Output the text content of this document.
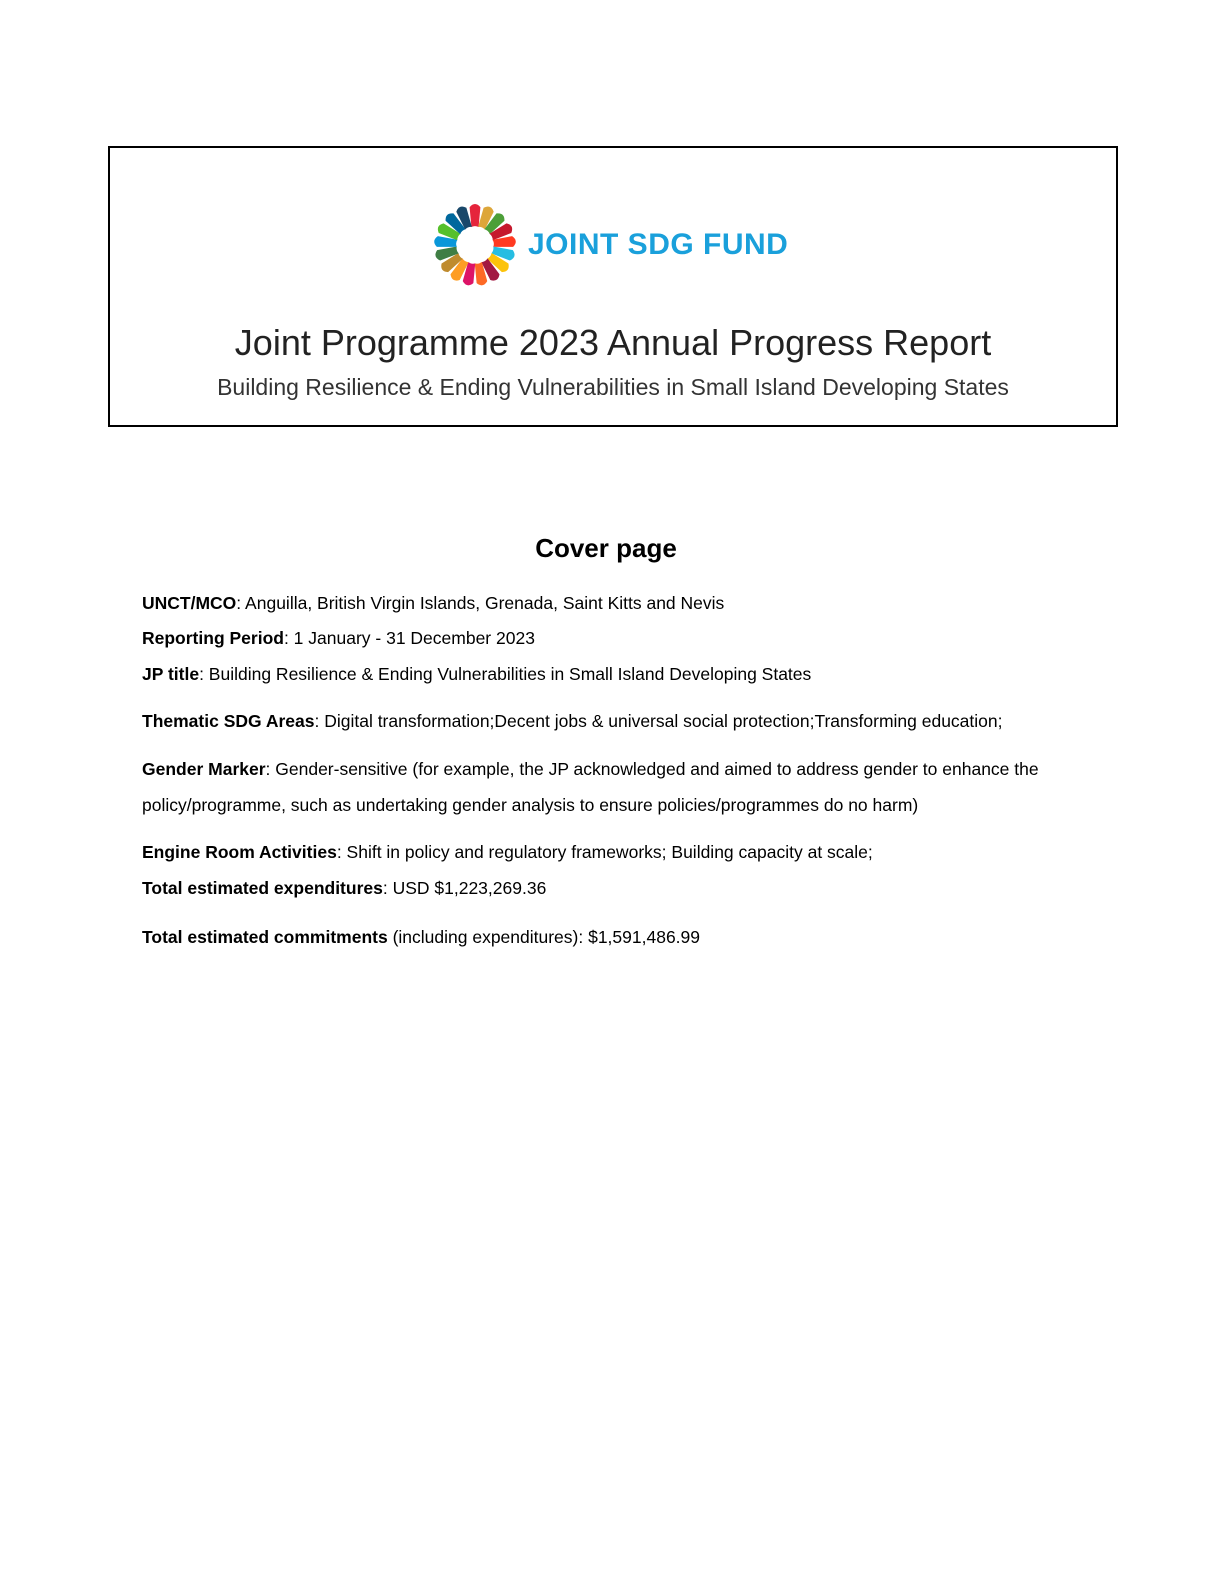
JOINT SDG FUND
Joint Programme 2023 Annual Progress Report
Building Resilience & Ending Vulnerabilities in Small Island Developing States
Cover page
UNCT/MCO: Anguilla, British Virgin Islands, Grenada, Saint Kitts and Nevis
Reporting Period: 1 January - 31 December 2023
JP title: Building Resilience & Ending Vulnerabilities in Small Island Developing States
Thematic SDG Areas: Digital transformation;Decent jobs & universal social protection;Transforming education;
Gender Marker: Gender-sensitive (for example, the JP acknowledged and aimed to address gender to enhance the policy/programme, such as undertaking gender analysis to ensure policies/programmes do no harm)
Engine Room Activities: Shift in policy and regulatory frameworks; Building capacity at scale;
Total estimated expenditures: USD $1,223,269.36
Total estimated commitments (including expenditures): $1,591,486.99
